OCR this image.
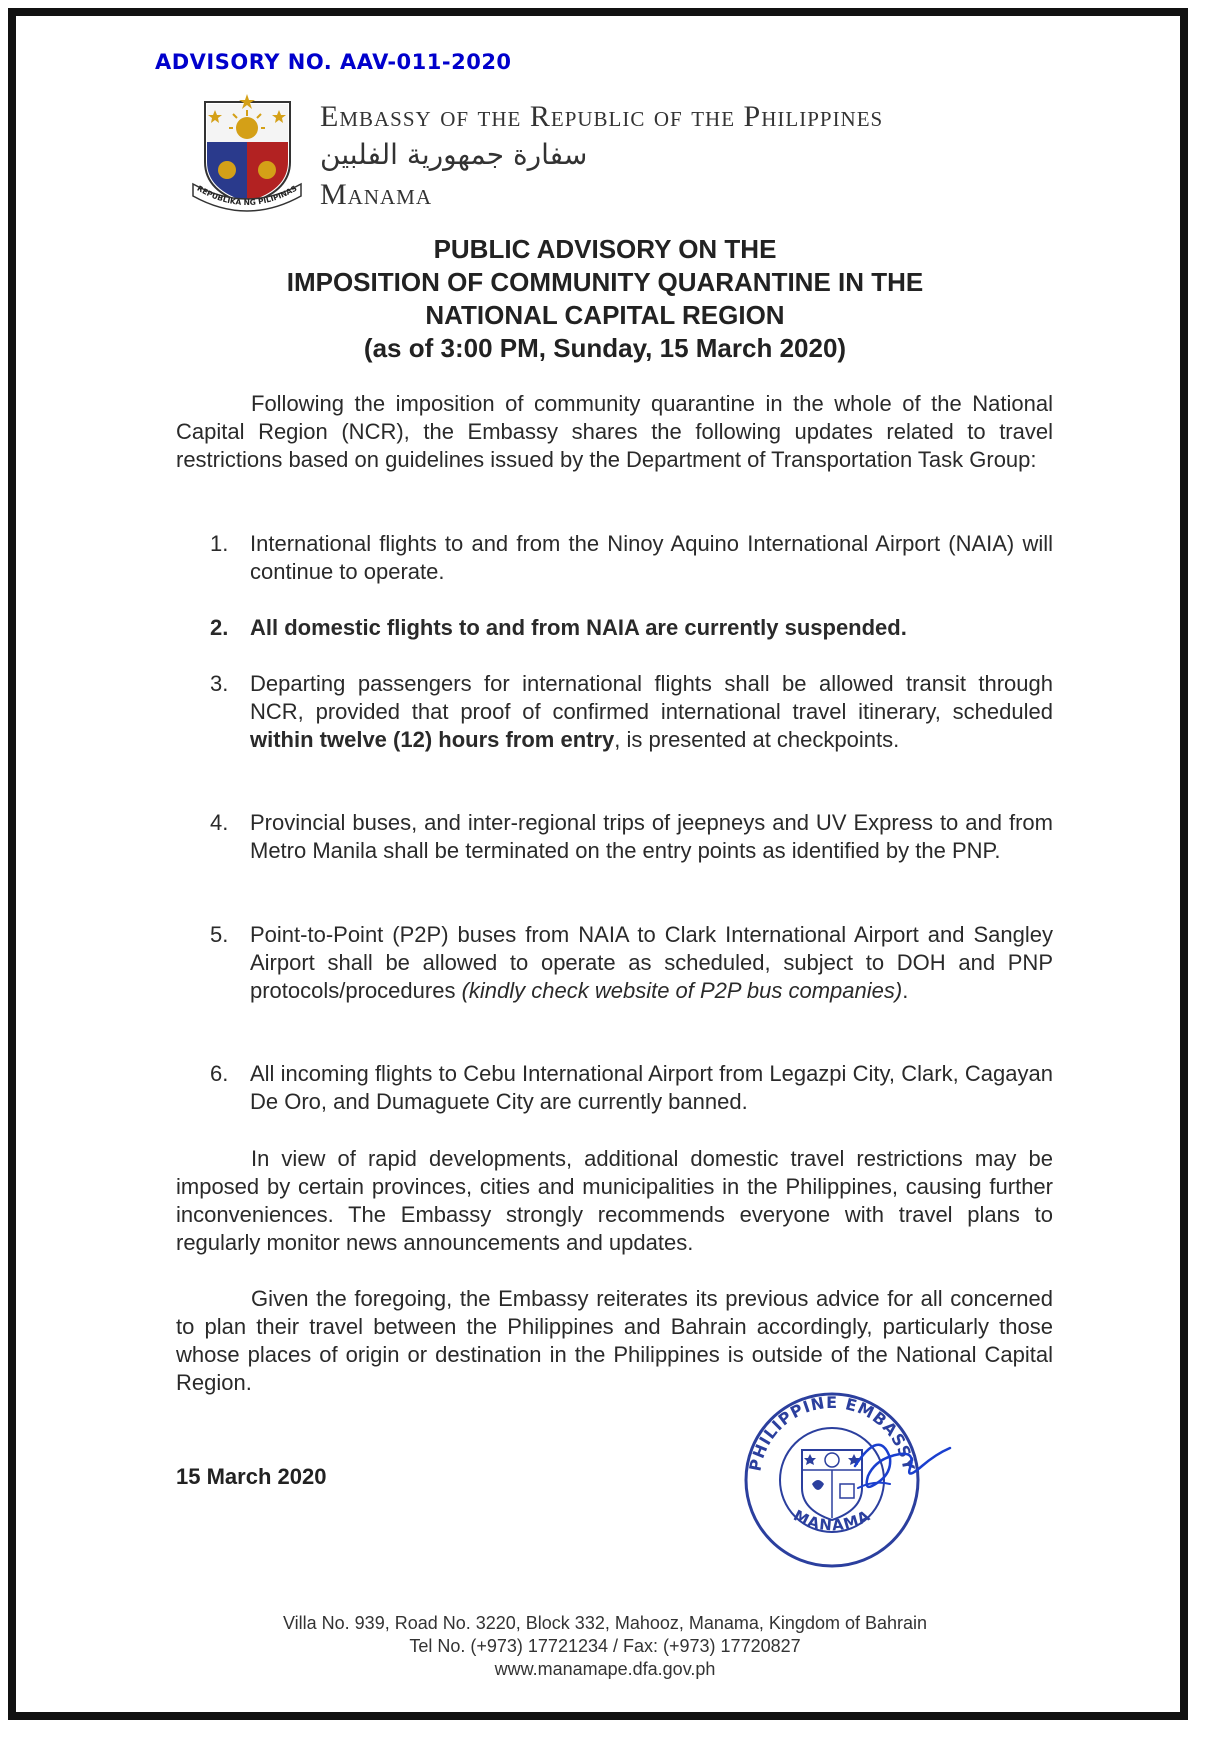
ADVISORY NO. AAV-011-2020
REPUBLIKA NG PILIPINAS
Embassy of the Republic of the Philippines
سفارة جمهورية الفلبين
Manama
PUBLIC ADVISORY ON THE
IMPOSITION OF COMMUNITY QUARANTINE IN THE
NATIONAL CAPITAL REGION
(as of 3:00 PM, Sunday, 15 March 2020)
Following the imposition of community quarantine in the whole of the National Capital Region (NCR), the Embassy shares the following updates related to travel restrictions based on guidelines issued by the Department of Transportation Task Group:
1. International flights to and from the Ninoy Aquino International Airport (NAIA) will continue to operate.
2. All domestic flights to and from NAIA are currently suspended.
3. Departing passengers for international flights shall be allowed transit through NCR, provided that proof of confirmed international travel itinerary, scheduled within twelve (12) hours from entry, is presented at checkpoints.
4. Provincial buses, and inter-regional trips of jeepneys and UV Express to and from Metro Manila shall be terminated on the entry points as identified by the PNP.
5. Point-to-Point (P2P) buses from NAIA to Clark International Airport and Sangley Airport shall be allowed to operate as scheduled, subject to DOH and PNP protocols/procedures (kindly check website of P2P bus companies).
6. All incoming flights to Cebu International Airport from Legazpi City, Clark, Cagayan De Oro, and Dumaguete City are currently banned.
In view of rapid developments, additional domestic travel restrictions may be imposed by certain provinces, cities and municipalities in the Philippines, causing further inconveniences. The Embassy strongly recommends everyone with travel plans to regularly monitor news announcements and updates.
Given the foregoing, the Embassy reiterates its previous advice for all concerned to plan their travel between the Philippines and Bahrain accordingly, particularly those whose places of origin or destination in the Philippines is outside of the National Capital Region.
15 March 2020	PHILIPPINE EMBASSY
MANAMA
Villa No. 939, Road No. 3220, Block 332, Mahooz, Manama, Kingdom of Bahrain
Tel No. (+973) 17721234 / Fax: (+973) 17720827
www.manamape.dfa.gov.ph
